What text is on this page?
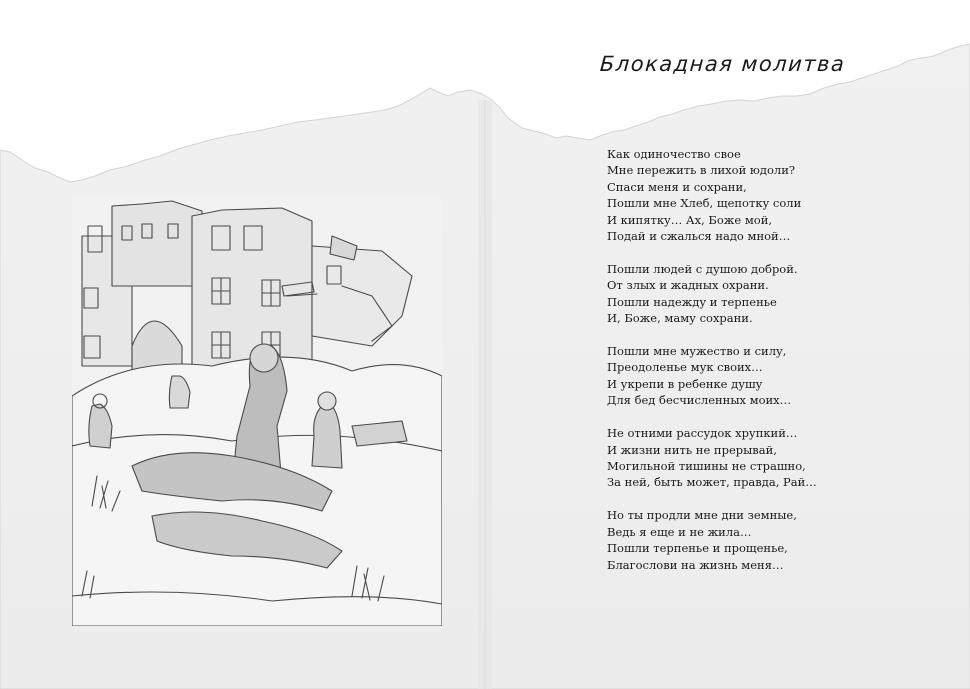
Блокадная молитва
Как одиночество свое
Мне пережить в лихой юдоли?
Спаси меня и сохрани,
Пошли мне Хлеб, щепотку соли
И кипятку… Ах, Боже мой,
Подай и сжалься надо мной…
Пошли людей с душою доброй.
От злых и жадных охрани.
Пошли надежду и терпенье
И, Боже, маму сохрани.
Пошли мне мужество и силу,
Преодоленье мук своих…
И укрепи в ребенке душу
Для бед бесчисленных моих…
Не отними рассудок хрупкий…
И жизни нить не прерывай,
Могильной тишины не страшно,
За ней, быть может, правда, Рай…
Но ты продли мне дни земные,
Ведь я еще и не жила…
Пошли терпенье и прощенье,
Благослови на жизнь меня…
